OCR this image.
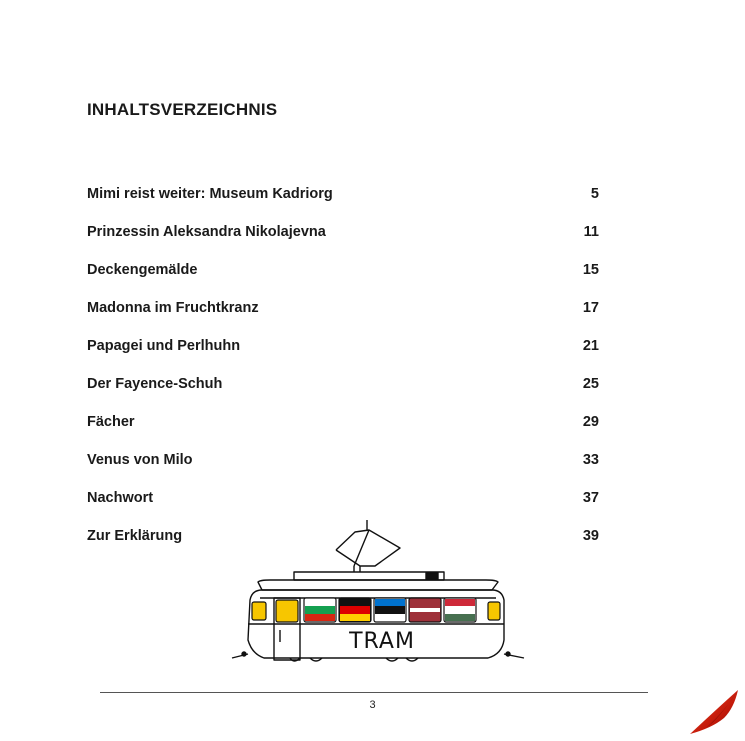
INHALTSVERZEICHNIS
Mimi reist weiter: Museum Kadriorg	5
Prinzessin Aleksandra Nikolajevna	11
Deckengemälde	15
Madonna im Fruchtkranz	17
Papagei und Perlhuhn	21
Der Fayence-Schuh	25
Fächer	29
Venus von Milo	33
Nachwort	37
Zur Erklärung	39
TRAM
3
